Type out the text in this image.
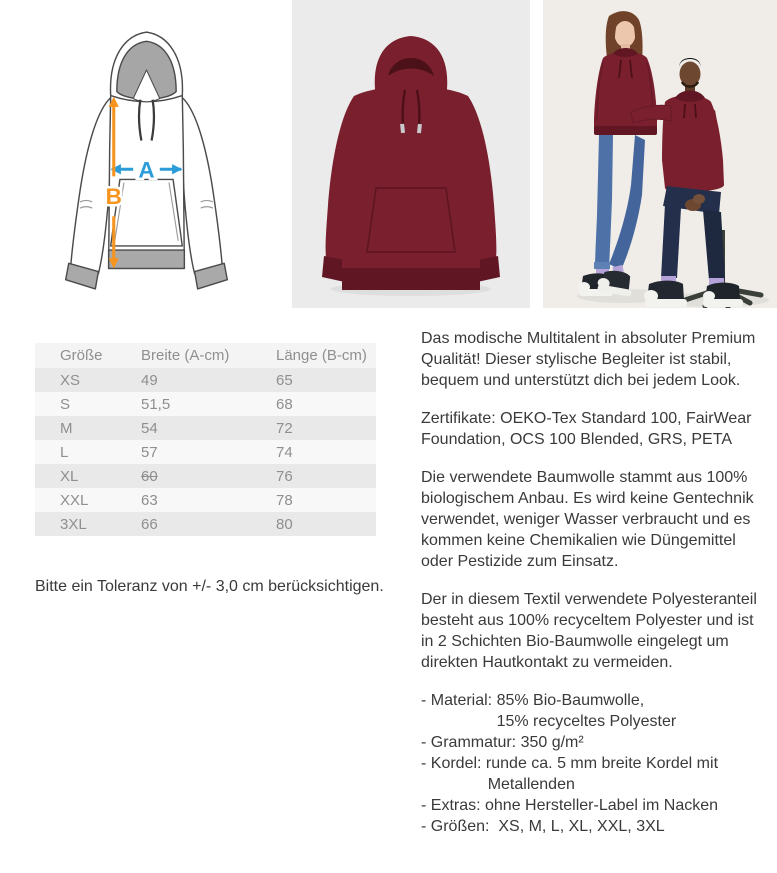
A
B
Größe	Breite (A-cm)	Länge (B-cm)
XS	49	65
S	51,5	68
M	54	72
L	57	74
XL	60	76
XXL	63	78
3XL	66	80

Bitte ein Toleranz von +/- 3,0 cm berücksichtigen.

Das modische Multitalent in absoluter Premium Qualität! Dieser stylische Begleiter ist stabil, bequem und unterstützt dich bei jedem Look.

Zertifikate: OEKO-Tex Standard 100, FairWear Foundation, OCS 100 Blended, GRS, PETA

Die verwendete Baumwolle stammt aus 100% biologischem Anbau. Es wird keine Gentechnik verwendet, weniger Wasser verbraucht und es kommen keine Chemikalien wie Düngemittel oder Pestizide zum Einsatz.

Der in diesem Textil verwendete Polyesteranteil besteht aus 100% recyceltem Polyester und ist in 2 Schichten Bio-Baumwolle eingelegt um direkten Hautkontakt zu vermeiden.

- Material: 85% Bio-Baumwolle,
15% recyceltes Polyester
- Grammatur: 350 g/m²
- Kordel: runde ca. 5 mm breite Kordel mit
Metallenden
- Extras: ohne Hersteller-Label im Nacken
- Größen:  XS, M, L, XL, XXL, 3XL
